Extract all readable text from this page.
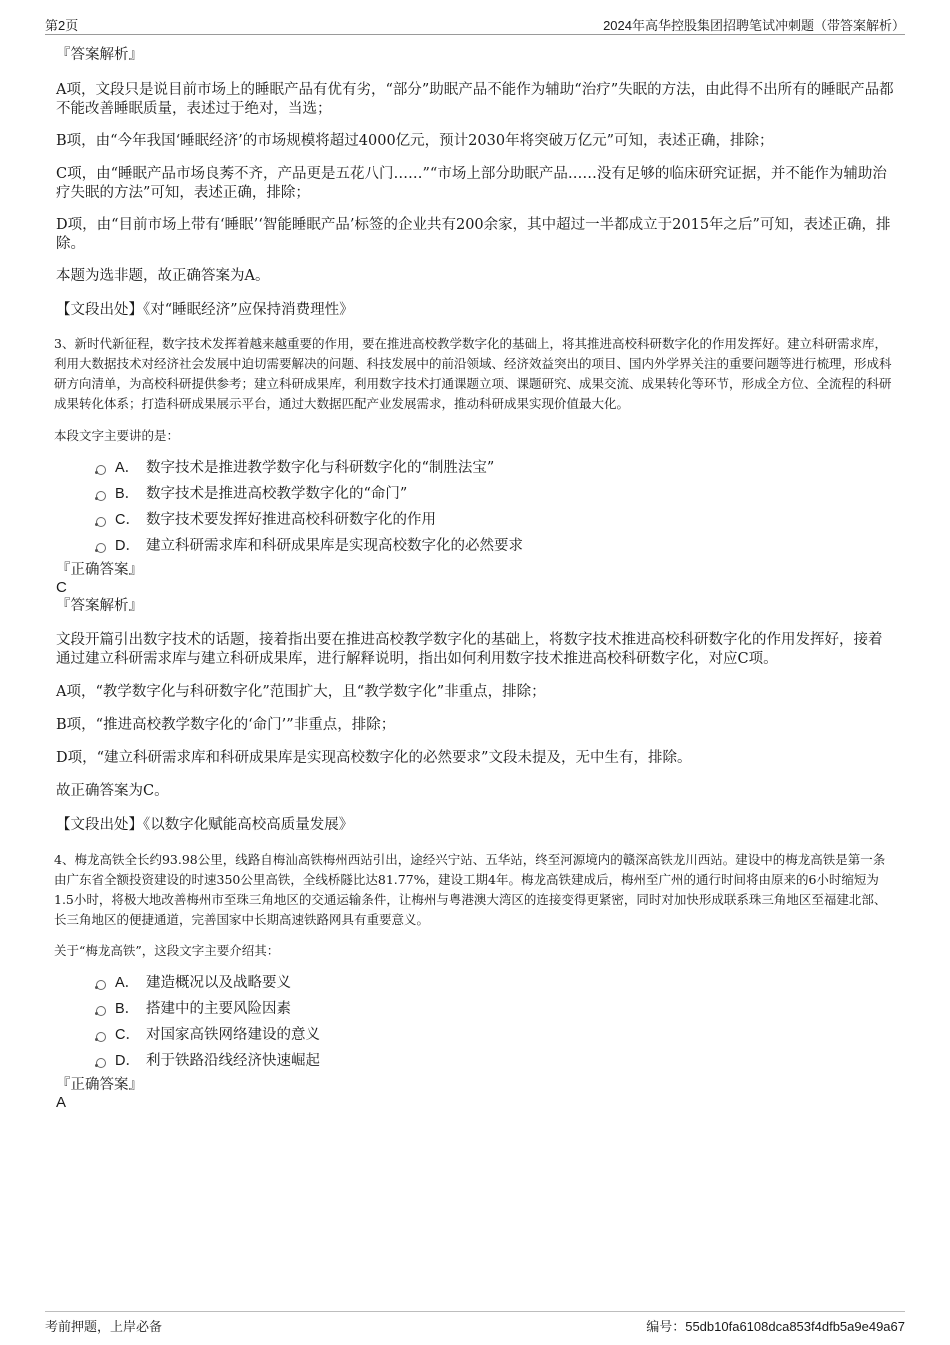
第2页	2024年高华控股集团招聘笔试冲刺题（带答案解析）

『答案解析』

A项，文段只是说目前市场上的睡眠产品有优有劣，“部分”助眠产品不能作为辅助“治疗”失眠的方法，由此得不出所有的睡眠产品都不能改善睡眠质量，表述过于绝对，当选；

B项，由“今年我国‘睡眠经济’的市场规模将超过4000亿元，预计2030年将突破万亿元”可知，表述正确，排除；

C项，由“睡眠产品市场良莠不齐，产品更是五花八门……”“市场上部分助眠产品……没有足够的临床研究证据，并不能作为辅助治疗失眠的方法”可知，表述正确，排除；

D项，由“目前市场上带有‘睡眠’‘智能睡眠产品’标签的企业共有200余家，其中超过一半都成立于2015年之后”可知，表述正确，排除。

本题为选非题，故正确答案为A。

【文段出处】《对“睡眠经济”应保持消费理性》

3、新时代新征程，数字技术发挥着越来越重要的作用，要在推进高校教学数字化的基础上，将其推进高校科研数字化的作用发挥好。建立科研需求库，利用大数据技术对经济社会发展中迫切需要解决的问题、科技发展中的前沿领域、经济效益突出的项目、国内外学界关注的重要问题等进行梳理，形成科研方向清单，为高校科研提供参考；建立科研成果库，利用数字技术打通课题立项、课题研究、成果交流、成果转化等环节，形成全方位、全流程的科研成果转化体系；打造科研成果展示平台，通过大数据匹配产业发展需求，推动科研成果实现价值最大化。

本段文字主要讲的是：

A． 数字技术是推进教学数字化与科研数字化的“制胜法宝”
B． 数字技术是推进高校教学数字化的“命门”
C． 数字技术要发挥好推进高校科研数字化的作用
D． 建立科研需求库和科研成果库是实现高校数字化的必然要求

『正确答案』

C

『答案解析』

文段开篇引出数字技术的话题，接着指出要在推进高校教学数字化的基础上，将数字技术推进高校科研数字化的作用发挥好，接着通过建立科研需求库与建立科研成果库，进行解释说明，指出如何利用数字技术推进高校科研数字化，对应C项。

A项，“教学数字化与科研数字化”范围扩大，且“教学数字化”非重点，排除；

B项，“推进高校教学数字化的‘命门’”非重点，排除；

D项，“建立科研需求库和科研成果库是实现高校数字化的必然要求”文段未提及，无中生有，排除。

故正确答案为C。

【文段出处】《以数字化赋能高校高质量发展》

4、梅龙高铁全长约93.98公里，线路自梅汕高铁梅州西站引出，途经兴宁站、五华站，终至河源境内的赣深高铁龙川西站。建设中的梅龙高铁是第一条由广东省全额投资建设的时速350公里高铁，全线桥隧比达81.77%，建设工期4年。梅龙高铁建成后，梅州至广州的通行时间将由原来的6小时缩短为1.5小时，将极大地改善梅州市至珠三角地区的交通运输条件，让梅州与粤港澳大湾区的连接变得更紧密，同时对加快形成联系珠三角地区至福建北部、长三角地区的便捷通道，完善国家中长期高速铁路网具有重要意义。

关于“梅龙高铁”，这段文字主要介绍其：

A． 建造概况以及战略要义
B． 搭建中的主要风险因素
C． 对国家高铁网络建设的意义
D． 利于铁路沿线经济快速崛起

『正确答案』

A

考前押题，上岸必备	编号：55db10fa6108dca853f4dfb5a9e49a67
